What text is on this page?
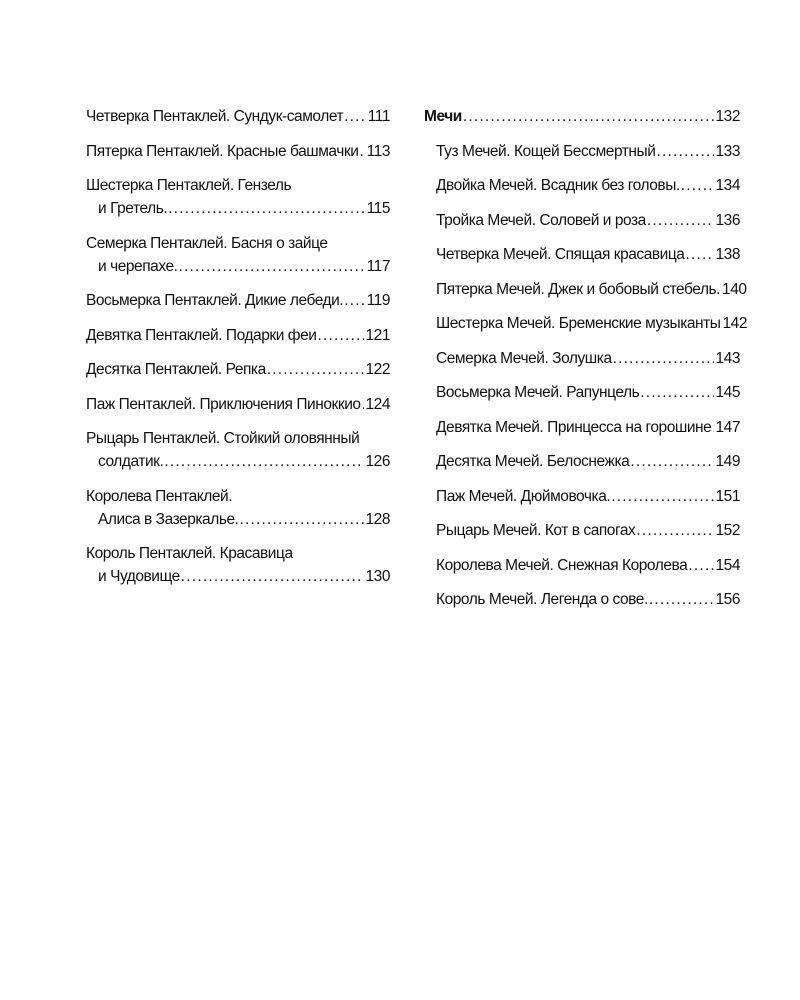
Четверка Пентаклей. Сундук-самолет ..... 111
Пятерка Пентаклей. Красные башмачки ..... 113
Шестерка Пентаклей. Гензель
и Гретель. .....	115
Семерка Пентаклей. Басня о зайце
и черепахе. .....	117
Восьмерка Пентаклей. Дикие лебеди. ..... 119
Девятка Пентаклей. Подарки феи .....	121
Десятка Пентаклей. Репка .....	122
Паж Пентаклей. Приключения Пиноккио ..... 124
Рыцарь Пентаклей. Стойкий оловянный
солдатик. .....	126
Королева Пентаклей.
Алиса в Зазеркалье. .....	128
Король Пентаклей. Красавица
и Чудовище .....	130
Мечи .....	132
Туз Мечей. Кощей Бессмертный .....	133
Двойка Мечей. Всадник без головы. ..... 134
Тройка Мечей. Соловей и роза .....	136
Четверка Мечей. Спящая красавица ..... 138
Пятерка Мечей. Джек и бобовый стебель. 140
Шестерка Мечей. Бременские музыканты 142
Семерка Мечей. Золушка .....	143
Восьмерка Мечей. Рапунцель .....	145
Девятка Мечей. Принцесса на горошине ..... 147
Десятка Мечей. Белоснежка .....	149
Паж Мечей. Дюймовочка. .....	151
Рыцарь Мечей. Кот в сапогах .....	152
Королева Мечей. Снежная Королева ..... 154
Король Мечей. Легенда о сове. .....	156
